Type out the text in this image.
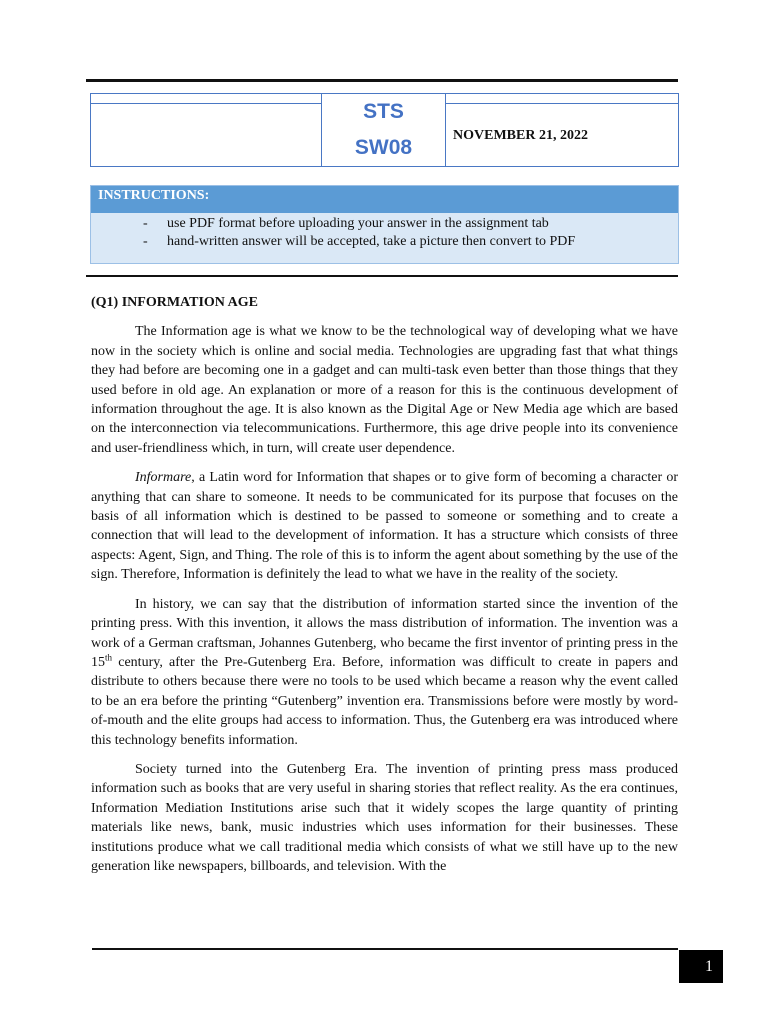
	STS
SW08	

		NOVEMBER 21, 2022
INSTRUCTIONS:
- use PDF format before uploading your answer in the assignment tab
- hand-written answer will be accepted, take a picture then convert to PDF
(Q1) INFORMATION AGE

The Information age is what we know to be the technological way of developing what we have now in the society which is online and social media. Technologies are upgrading fast that what things they had before are becoming one in a gadget and can multi-task even better than those things that they used before in old age. An explanation or more of a reason for this is the continuous development of information throughout the age. It is also known as the Digital Age or New Media age which are based on the interconnection via telecommunications. Furthermore, this age drive people into its convenience and user-friendliness which, in turn, will create user dependence.

Informare, a Latin word for Information that shapes or to give form of becoming a character or anything that can share to someone. It needs to be communicated for its purpose that focuses on the basis of all information which is destined to be passed to someone or something and to create a connection that will lead to the development of information. It has a structure which consists of three aspects: Agent, Sign, and Thing. The role of this is to inform the agent about something by the use of the sign. Therefore, Information is definitely the lead to what we have in the reality of the society.

In history, we can say that the distribution of information started since the invention of the printing press. With this invention, it allows the mass distribution of information. The invention was a work of a German craftsman, Johannes Gutenberg, who became the first inventor of printing press in the 15th century, after the Pre-Gutenberg Era. Before, information was difficult to create in papers and distribute to others because there were no tools to be used which became a reason why the event called to be an era before the printing “Gutenberg” invention era. Transmissions before were mostly by word-of-mouth and the elite groups had access to information. Thus, the Gutenberg era was introduced where this technology benefits information.

Society turned into the Gutenberg Era. The invention of printing press mass produced information such as books that are very useful in sharing stories that reflect reality. As the era continues, Information Mediation Institutions arise such that it widely scopes the large quantity of printing materials like news, bank, music industries which uses information for their businesses. These institutions produce what we call traditional media which consists of what we still have up to the new generation like newspapers, billboards, and television. With the

1
